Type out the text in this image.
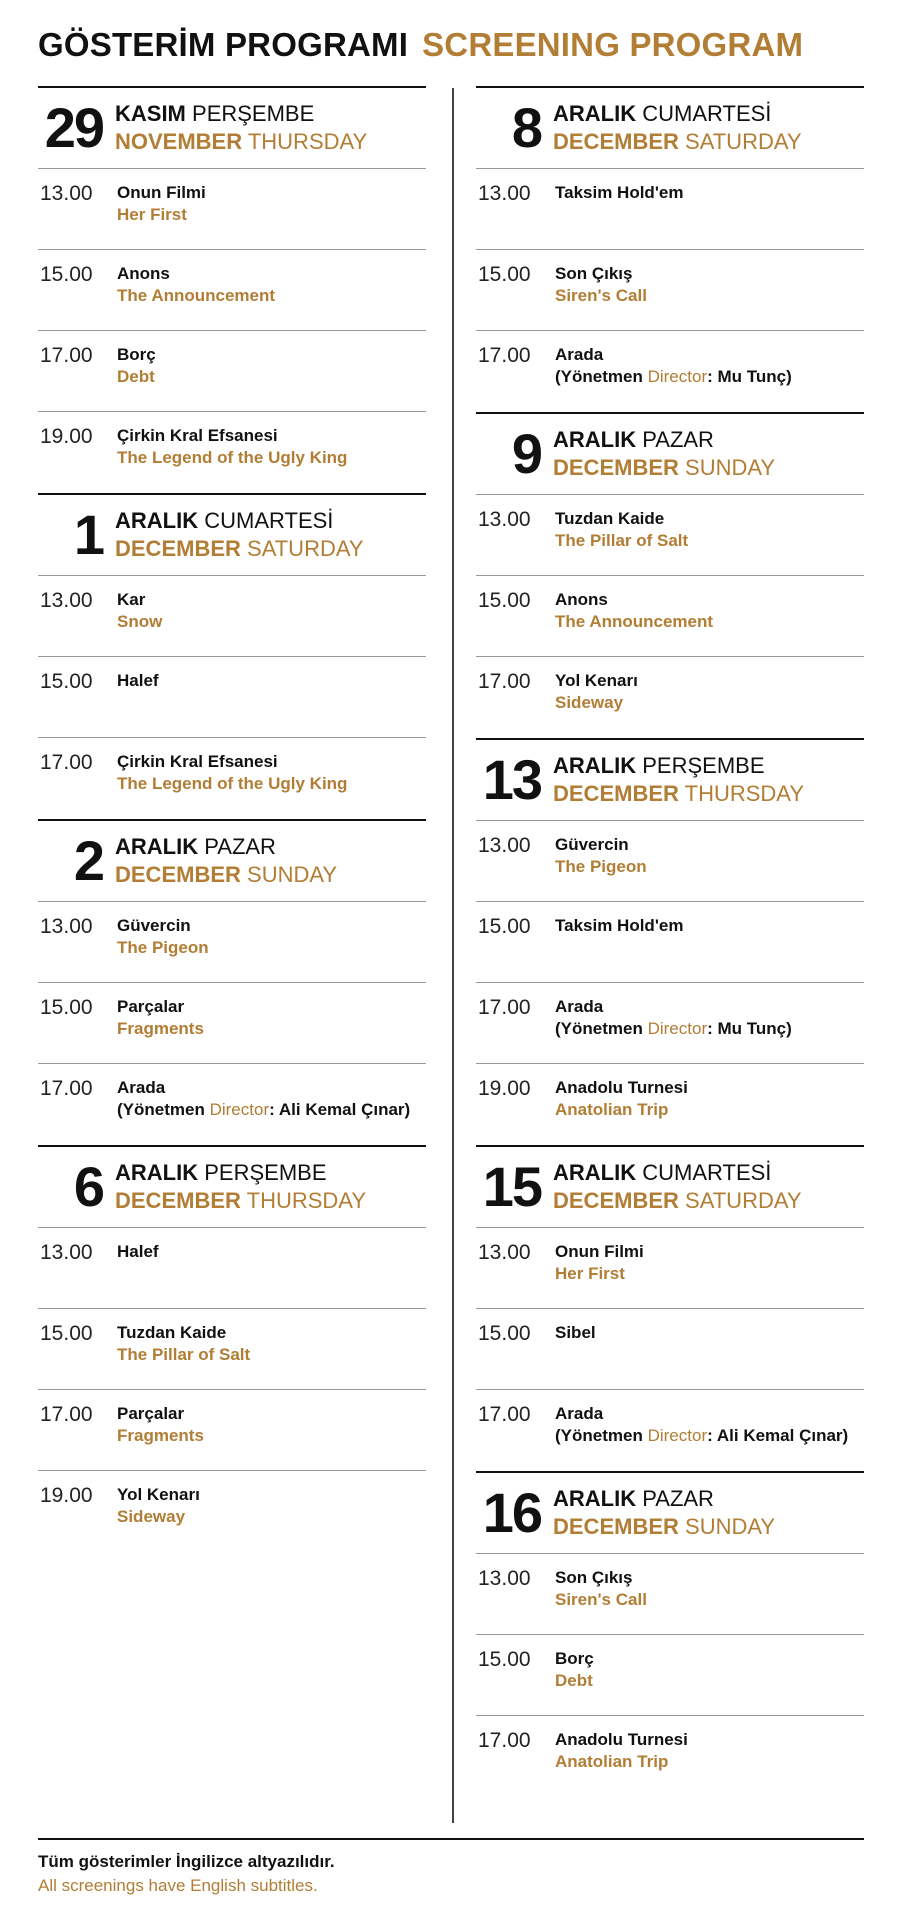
GÖSTERİM PROGRAMI SCREENING PROGRAM
29 KASIM PERŞEMBE
NOVEMBER THURSDAY
13.00	Onun Filmi
Her First
15.00	Anons
The Announcement
17.00	Borç
Debt
19.00	Çirkin Kral Efsanesi
The Legend of the Ugly King
1 ARALIK CUMARTESİ
DECEMBER SATURDAY
13.00	Kar
Snow
15.00	Halef
17.00	Çirkin Kral Efsanesi
The Legend of the Ugly King
2 ARALIK PAZAR
DECEMBER SUNDAY
13.00	Güvercin
The Pigeon
15.00	Parçalar
Fragments
17.00	Arada
(Yönetmen Director: Ali Kemal Çınar)
6 ARALIK PERŞEMBE
DECEMBER THURSDAY
13.00	Halef
15.00	Tuzdan Kaide
The Pillar of Salt
17.00	Parçalar
Fragments
19.00	Yol Kenarı
Sideway
8 ARALIK CUMARTESİ
DECEMBER SATURDAY
13.00	Taksim Hold'em
15.00	Son Çıkış
Siren's Call
17.00	Arada
(Yönetmen Director: Mu Tunç)
9 ARALIK PAZAR
DECEMBER SUNDAY
13.00	Tuzdan Kaide
The Pillar of Salt
15.00	Anons
The Announcement
17.00	Yol Kenarı
Sideway
13 ARALIK PERŞEMBE
DECEMBER THURSDAY
13.00	Güvercin
The Pigeon
15.00	Taksim Hold'em
17.00	Arada
(Yönetmen Director: Mu Tunç)
19.00	Anadolu Turnesi
Anatolian Trip
15 ARALIK CUMARTESİ
DECEMBER SATURDAY
13.00	Onun Filmi
Her First
15.00	Sibel
17.00	Arada
(Yönetmen Director: Ali Kemal Çınar)
16 ARALIK PAZAR
DECEMBER SUNDAY
13.00	Son Çıkış
Siren's Call
15.00	Borç
Debt
17.00	Anadolu Turnesi
Anatolian Trip
Tüm gösterimler İngilizce altyazılıdır.
All screenings have English subtitles.
